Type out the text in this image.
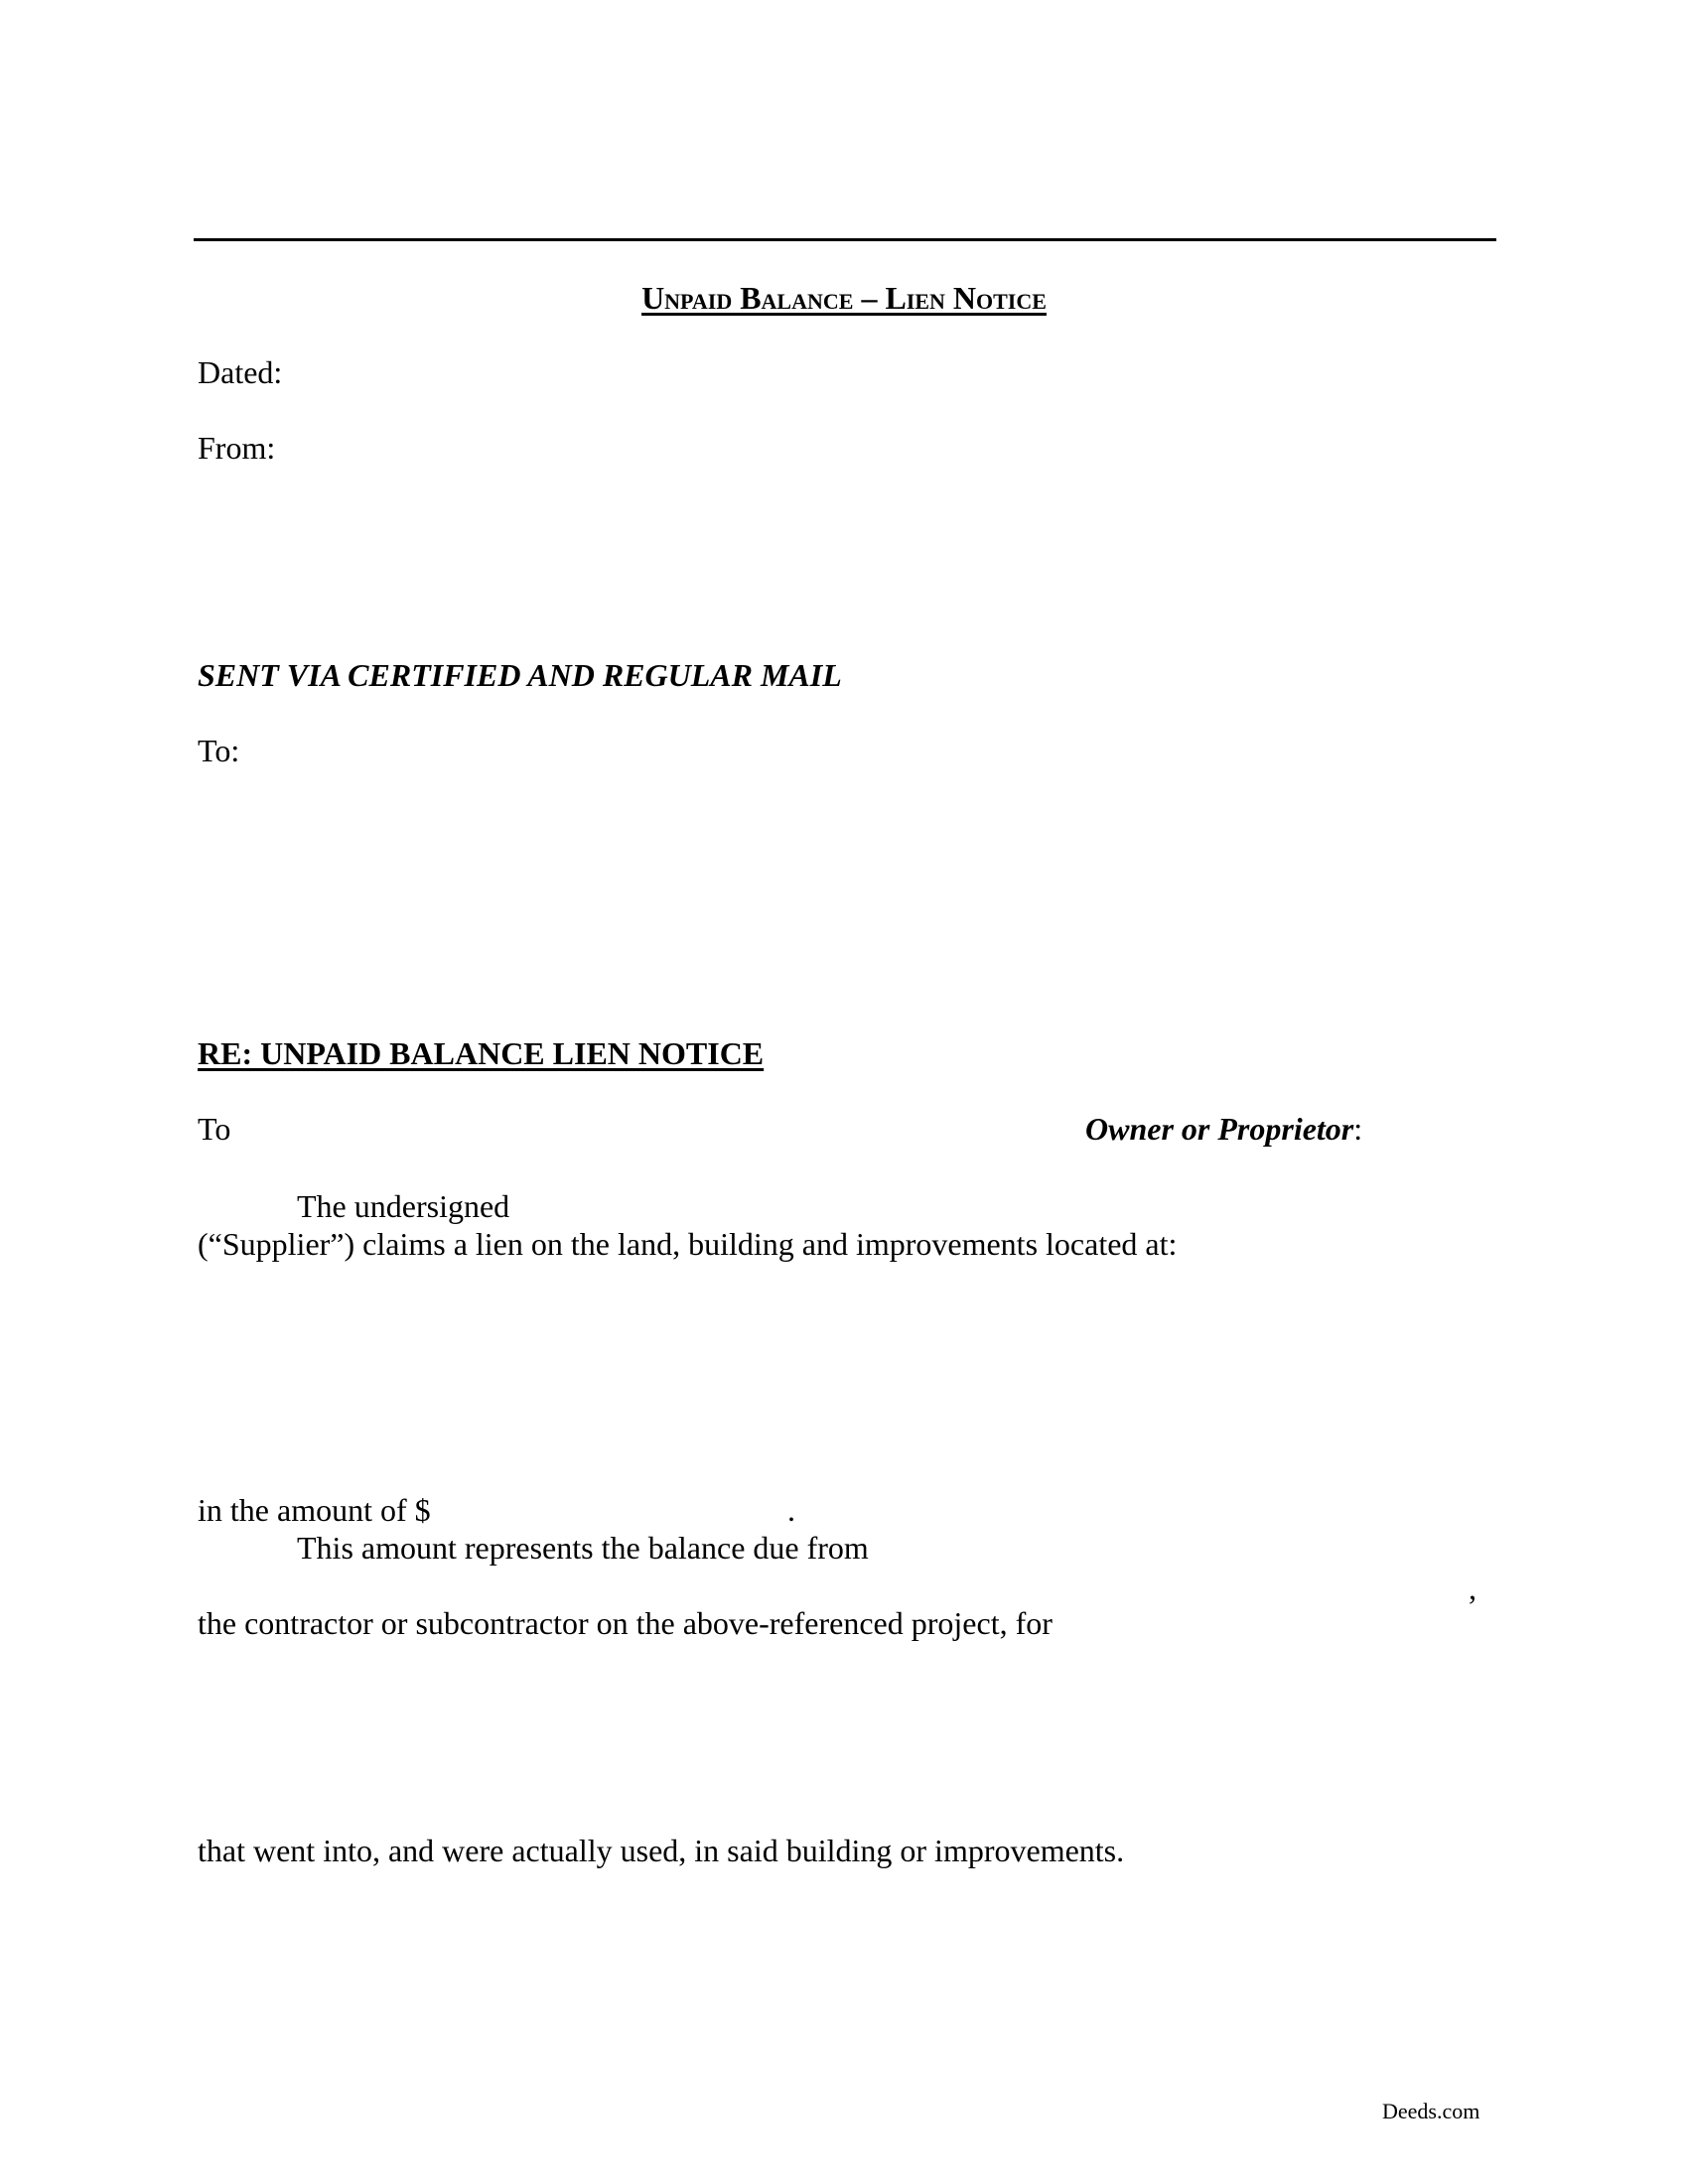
Unpaid Balance – Lien Notice
Dated:
From:
SENT VIA CERTIFIED AND REGULAR MAIL
To:
RE: UNPAID BALANCE LIEN NOTICE
To	Owner or Proprietor:
The undersigned
(“Supplier”) claims a lien on the land, building and improvements located at:
in the amount of $	.
This amount represents the balance due from
,
the contractor or subcontractor on the above-referenced project, for
that went into, and were actually used, in said building or improvements.
Deeds.com
